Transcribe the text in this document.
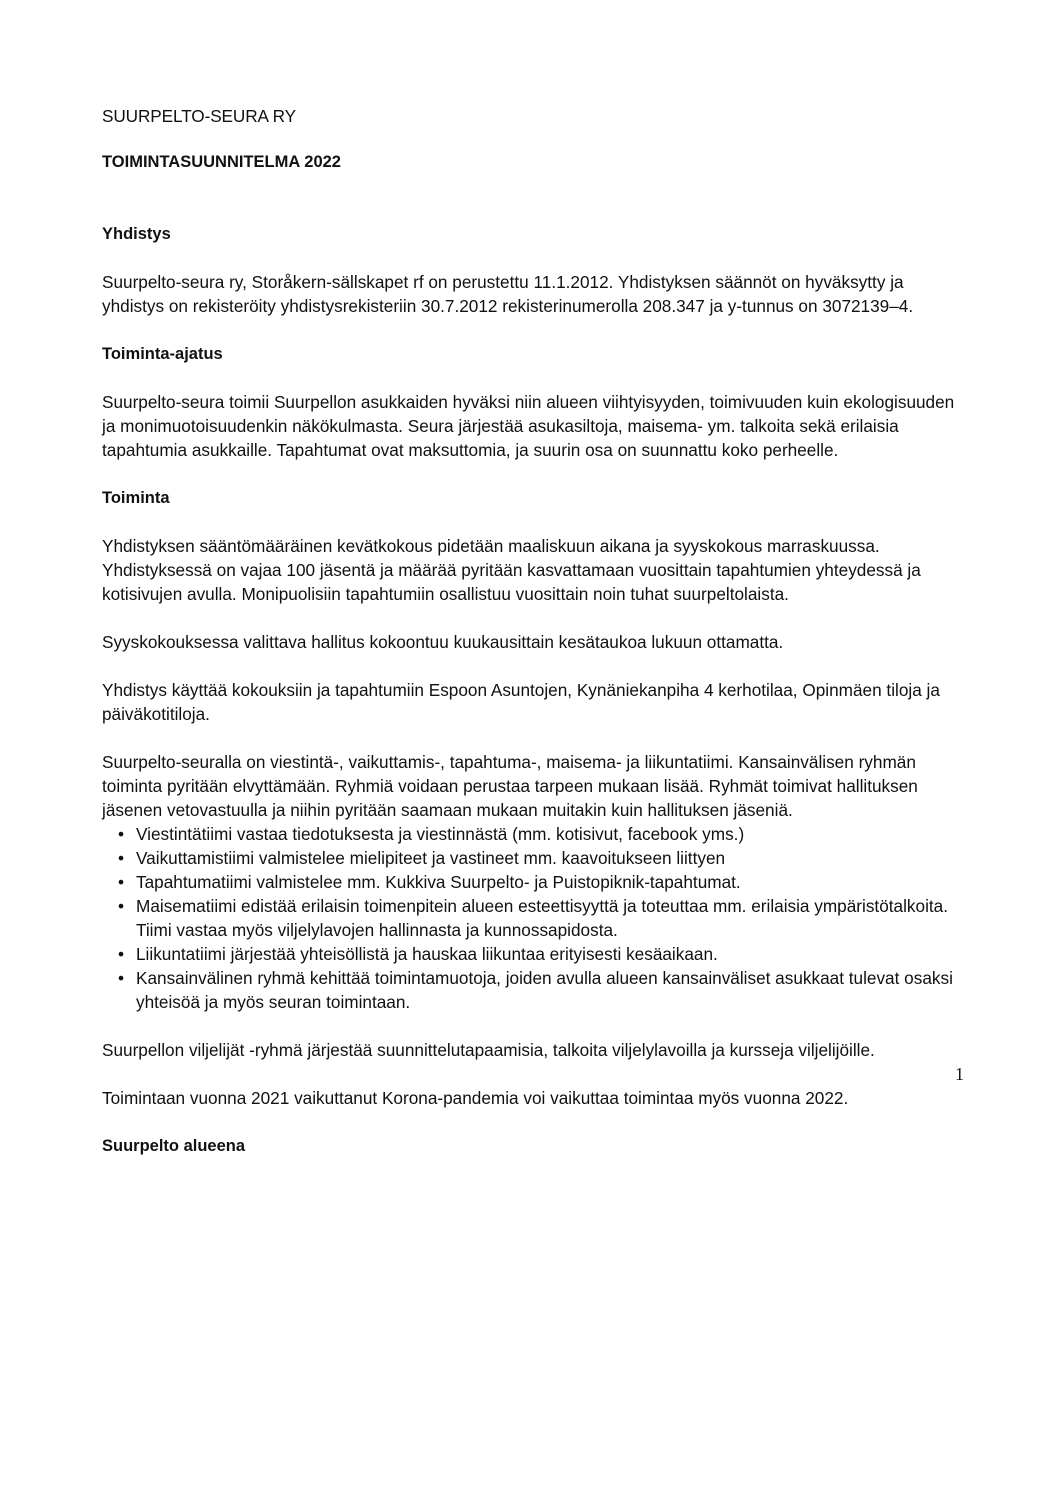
SUURPELTO-SEURA RY
TOIMINTASUUNNITELMA 2022
Yhdistys

Suurpelto-seura ry, Storåkern-sällskapet rf on perustettu 11.1.2012. Yhdistyksen säännöt on hyväksytty ja yhdistys on rekisteröity yhdistysrekisteriin 30.7.2012 rekisterinumerolla 208.347 ja y-tunnus on 3072139–4.

Toiminta-ajatus

Suurpelto-seura toimii Suurpellon asukkaiden hyväksi niin alueen viihtyisyyden, toimivuuden kuin ekologisuuden ja monimuotoisuudenkin näkökulmasta. Seura järjestää asukasiltoja, maisema- ym. talkoita sekä erilaisia tapahtumia asukkaille. Tapahtumat ovat maksuttomia, ja suurin osa on suunnattu koko perheelle.

Toiminta

Yhdistyksen sääntömääräinen kevätkokous pidetään maaliskuun aikana ja syyskokous marraskuussa. Yhdistyksessä on vajaa 100 jäsentä ja määrää pyritään kasvattamaan vuosittain tapahtumien yhteydessä ja kotisivujen avulla. Monipuolisiin tapahtumiin osallistuu vuosittain noin tuhat suurpeltolaista.

Syyskokouksessa valittava hallitus kokoontuu kuukausittain kesätaukoa lukuun ottamatta.

Yhdistys käyttää kokouksiin ja tapahtumiin Espoon Asuntojen, Kynäniekanpiha 4 kerhotilaa, Opinmäen tiloja ja päiväkotitiloja.

Suurpelto-seuralla on viestintä-, vaikuttamis-, tapahtuma-, maisema- ja liikuntatiimi. Kansainvälisen ryhmän toiminta pyritään elvyttämään. Ryhmiä voidaan perustaa tarpeen mukaan lisää. Ryhmät toimivat hallituksen jäsenen vetovastuulla ja niihin pyritään saamaan mukaan muitakin kuin hallituksen jäseniä.

• Viestintätiimi vastaa tiedotuksesta ja viestinnästä (mm. kotisivut, facebook yms.)
• Vaikuttamistiimi valmistelee mielipiteet ja vastineet mm. kaavoitukseen liittyen
• Tapahtumatiimi valmistelee mm. Kukkiva Suurpelto- ja Puistopiknik-tapahtumat.
• Maisematiimi edistää erilaisin toimenpitein alueen esteettisyyttä ja toteuttaa mm. erilaisia ympäristötalkoita. Tiimi vastaa myös viljelylavojen hallinnasta ja kunnossapidosta.
• Liikuntatiimi järjestää yhteisöllistä ja hauskaa liikuntaa erityisesti kesäaikaan.
• Kansainvälinen ryhmä kehittää toimintamuotoja, joiden avulla alueen kansainväliset asukkaat tulevat osaksi yhteisöä ja myös seuran toimintaan.

Suurpellon viljelijät -ryhmä järjestää suunnittelutapaamisia, talkoita viljelylavoilla ja kursseja viljelijöille.

Toimintaan vuonna 2021 vaikuttanut Korona-pandemia voi vaikuttaa toimintaa myös vuonna 2022.

Suurpelto alueena
1
